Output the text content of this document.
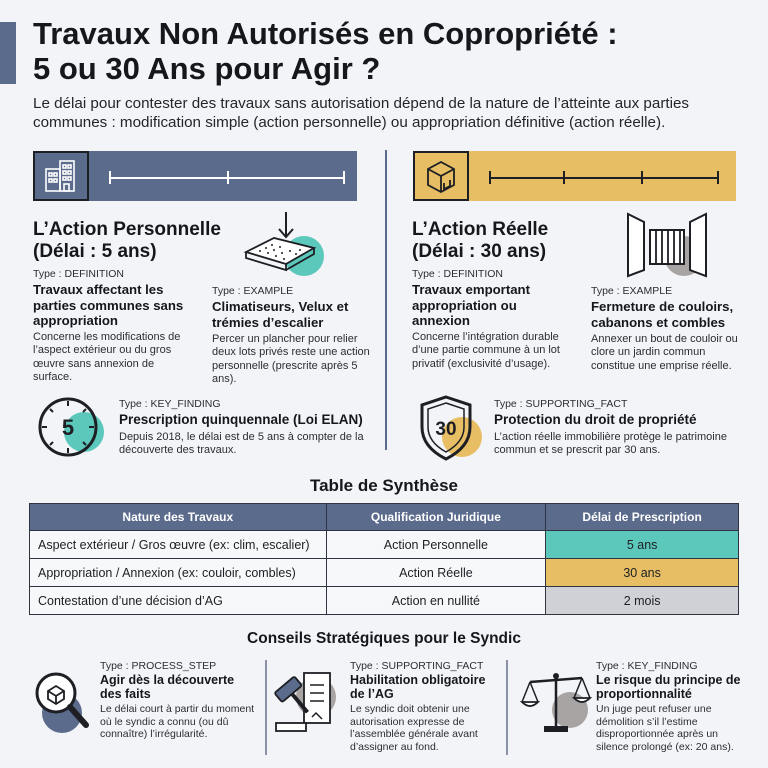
Travaux Non Autorisés en Copropriété :
5 ou 30 Ans pour Agir ?
Le délai pour contester des travaux sans autorisation dépend de la nature de l’atteinte aux parties communes : modification simple (action personnelle) ou appropriation définitive (action réelle).
L’Action Personnelle
(Délai : 5 ans)
Type : DEFINITION
Travaux affectant les parties communes sans appropriation
Concerne les modifications de l’aspect extérieur ou du gros œuvre sans annexion de surface.
Type : EXAMPLE
Climatiseurs, Velux et trémies d’escalier
Percer un plancher pour relier deux lots privés reste une action personnelle (prescrite après 5 ans).
5
Type : KEY_FINDING
Prescription quinquennale (Loi ELAN)
Depuis 2018, le délai est de 5 ans à compter de la découverte des travaux.
L’Action Réelle
(Délai : 30 ans)
Type : DEFINITION
Travaux emportant appropriation ou annexion
Concerne l’intégration durable d’une partie commune à un lot privatif (exclusivité d’usage).
Type : EXAMPLE
Fermeture de couloirs, cabanons et combles
Annexer un bout de couloir ou clore un jardin commun constitue une emprise réelle.
30
Type : SUPPORTING_FACT
Protection du droit de propriété
L’action réelle immobilière protège le patrimoine commun et se prescrit par 30 ans.
Table de Synthèse
Nature des Travaux	Qualification Juridique	Délai de Prescription
Aspect extérieur / Gros œuvre (ex: clim, escalier)	Action Personnelle	5 ans
Appropriation / Annexion (ex: couloir, combles)	Action Réelle	30 ans
Contestation d’une décision d’AG	Action en nullité	2 mois
Conseils Stratégiques pour le Syndic
Type : PROCESS_STEP
Agir dès la découverte des faits
Le délai court à partir du moment où le syndic a connu (ou dû connaître) l’irrégularité.
Type : SUPPORTING_FACT
Habilitation obligatoire de l’AG
Le syndic doit obtenir une autorisation expresse de l’assemblée générale avant d’assigner au fond.
Type : KEY_FINDING
Le risque du principe de proportionnalité
Un juge peut refuser une démolition s’il l’estime disproportionnée après un silence prolongé (ex: 20 ans).
